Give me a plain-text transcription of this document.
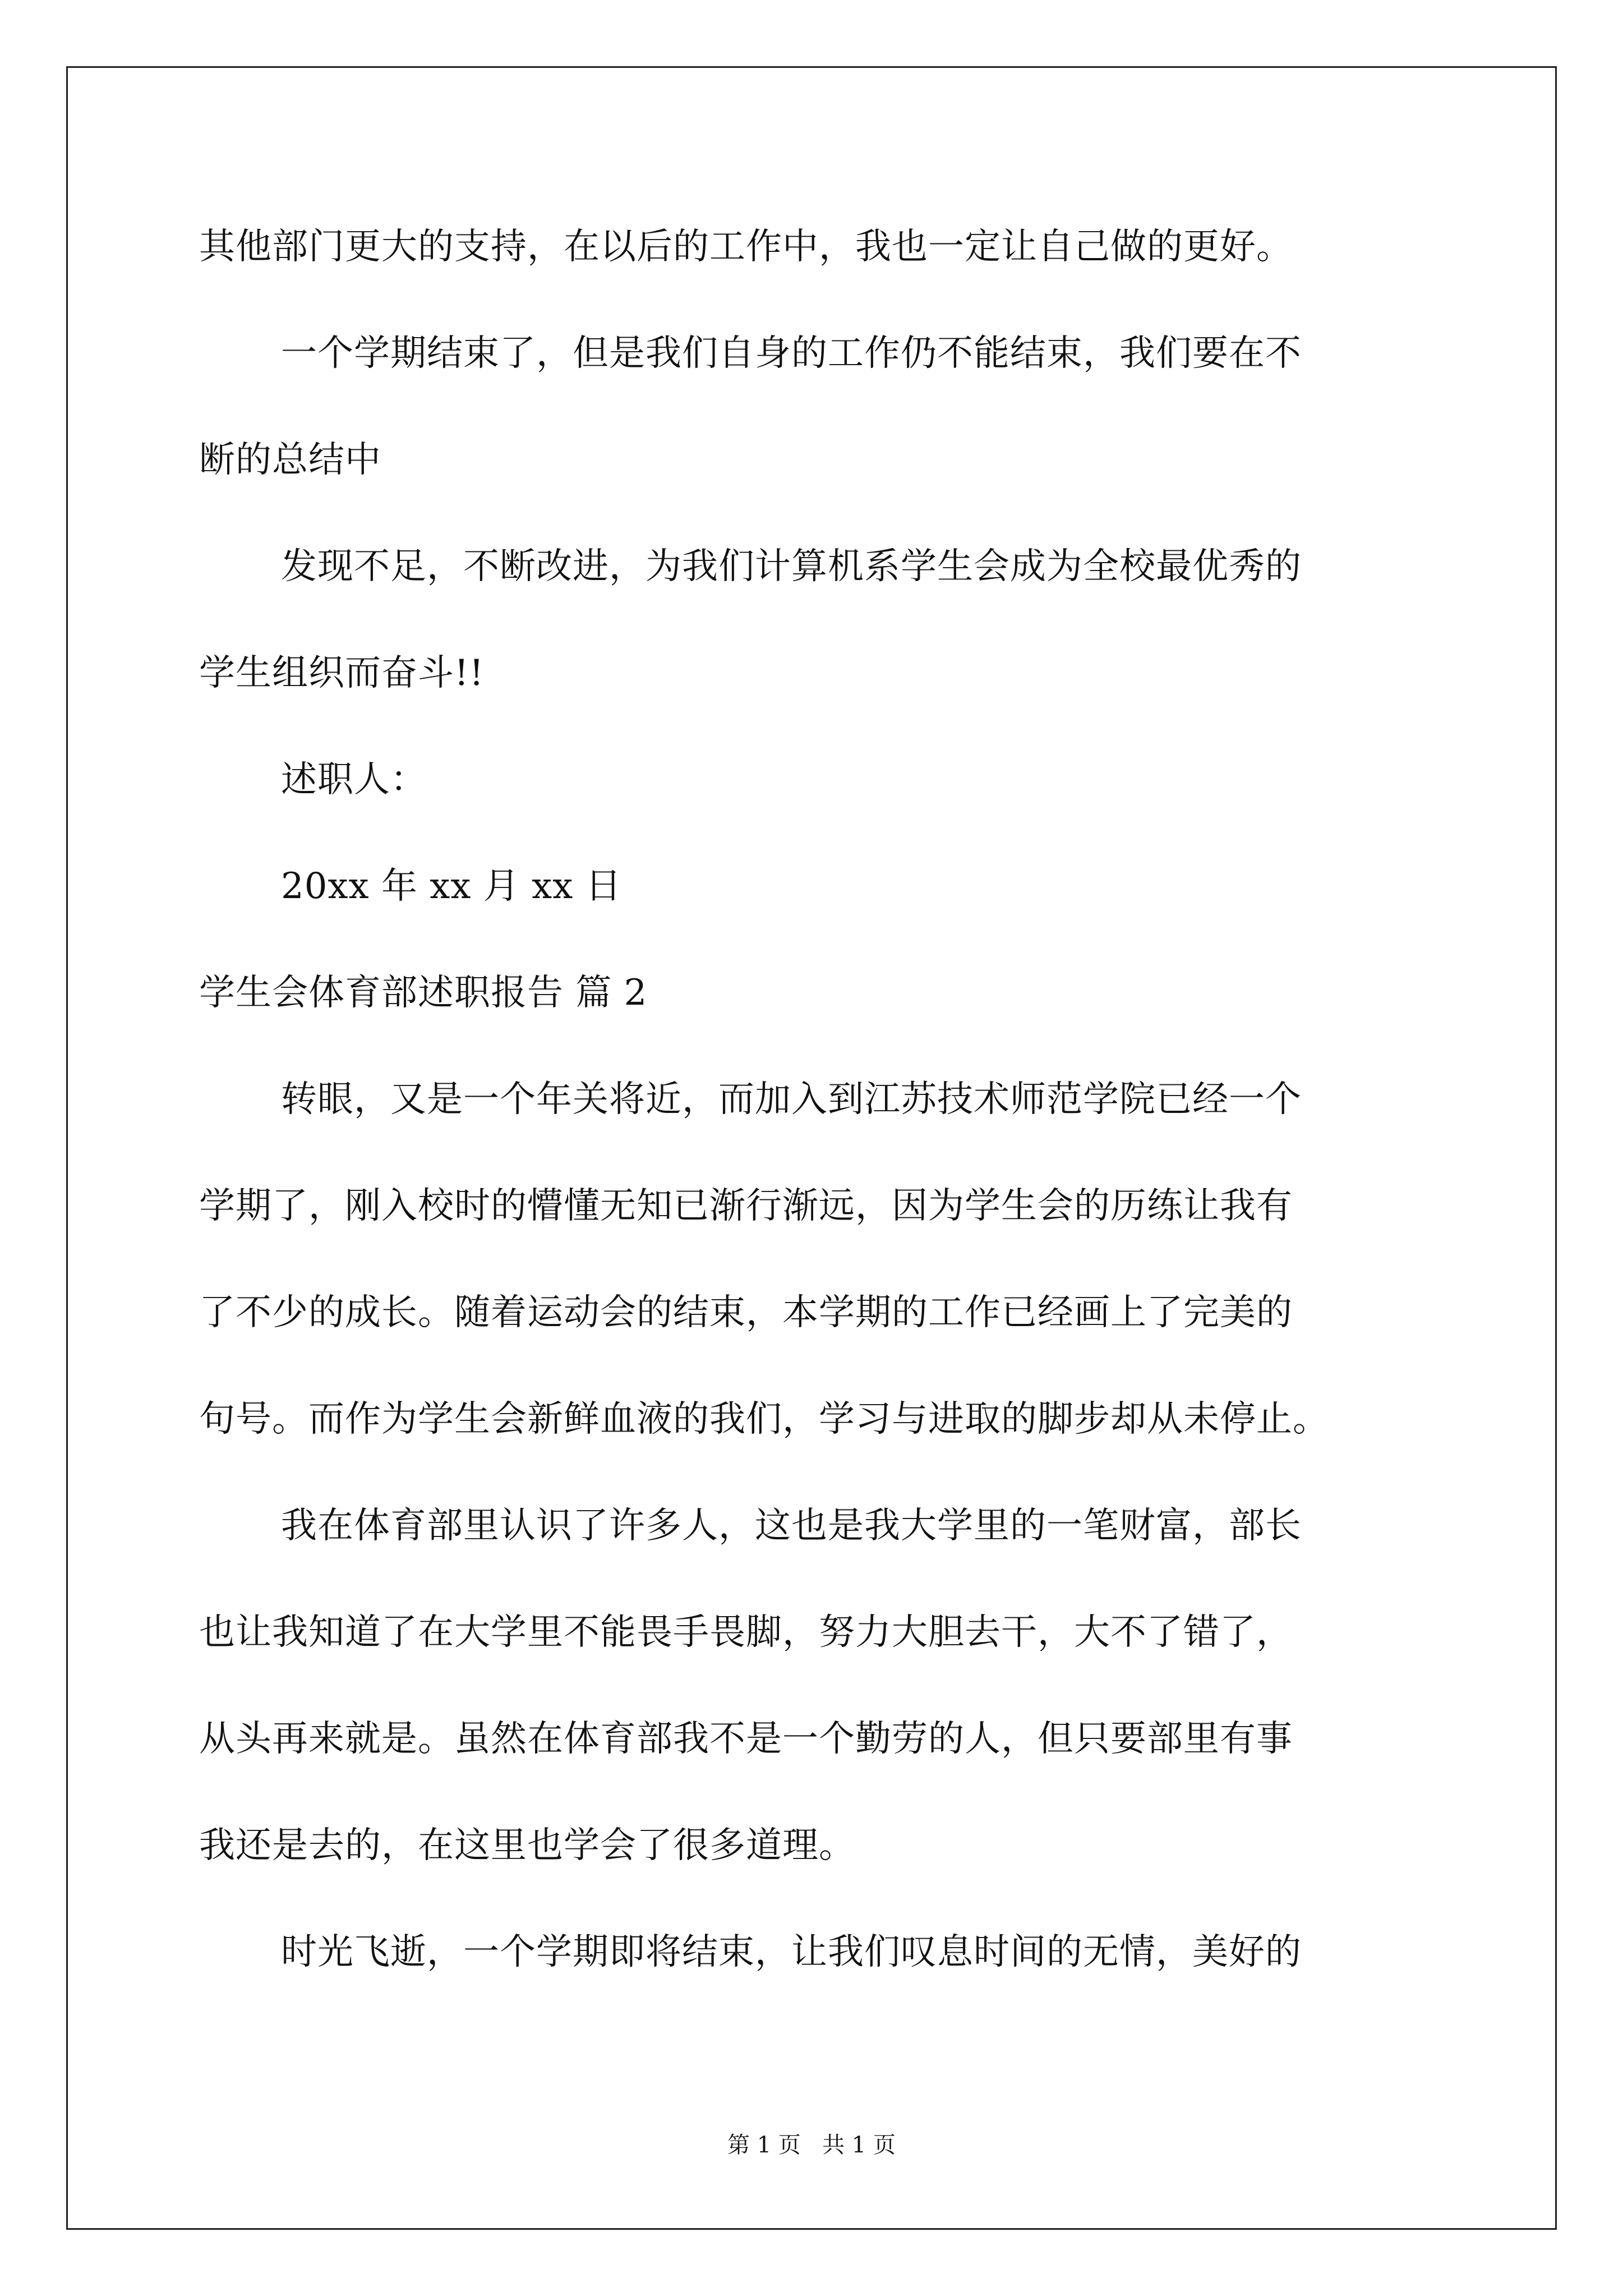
其他部门更大的支持，在以后的工作中，我也一定让自己做的更好。

一个学期结束了，但是我们自身的工作仍不能结束，我们要在不

断的总结中

发现不足，不断改进，为我们计算机系学生会成为全校最优秀的

学生组织而奋斗!!

述职人：

20xx 年 xx 月 xx 日

学生会体育部述职报告 篇 2

转眼，又是一个年关将近，而加入到江苏技术师范学院已经一个

学期了，刚入校时的懵懂无知已渐行渐远，因为学生会的历练让我有

了不少的成长。随着运动会的结束，本学期的工作已经画上了完美的

句号。而作为学生会新鲜血液的我们，学习与进取的脚步却从未停止。

我在体育部里认识了许多人，这也是我大学里的一笔财富，部长

也让我知道了在大学里不能畏手畏脚，努力大胆去干，大不了错了，

从头再来就是。虽然在体育部我不是一个勤劳的人，但只要部里有事

我还是去的，在这里也学会了很多道理。

时光飞逝，一个学期即将结束，让我们叹息时间的无情，美好的

第 1 页   共 1 页
